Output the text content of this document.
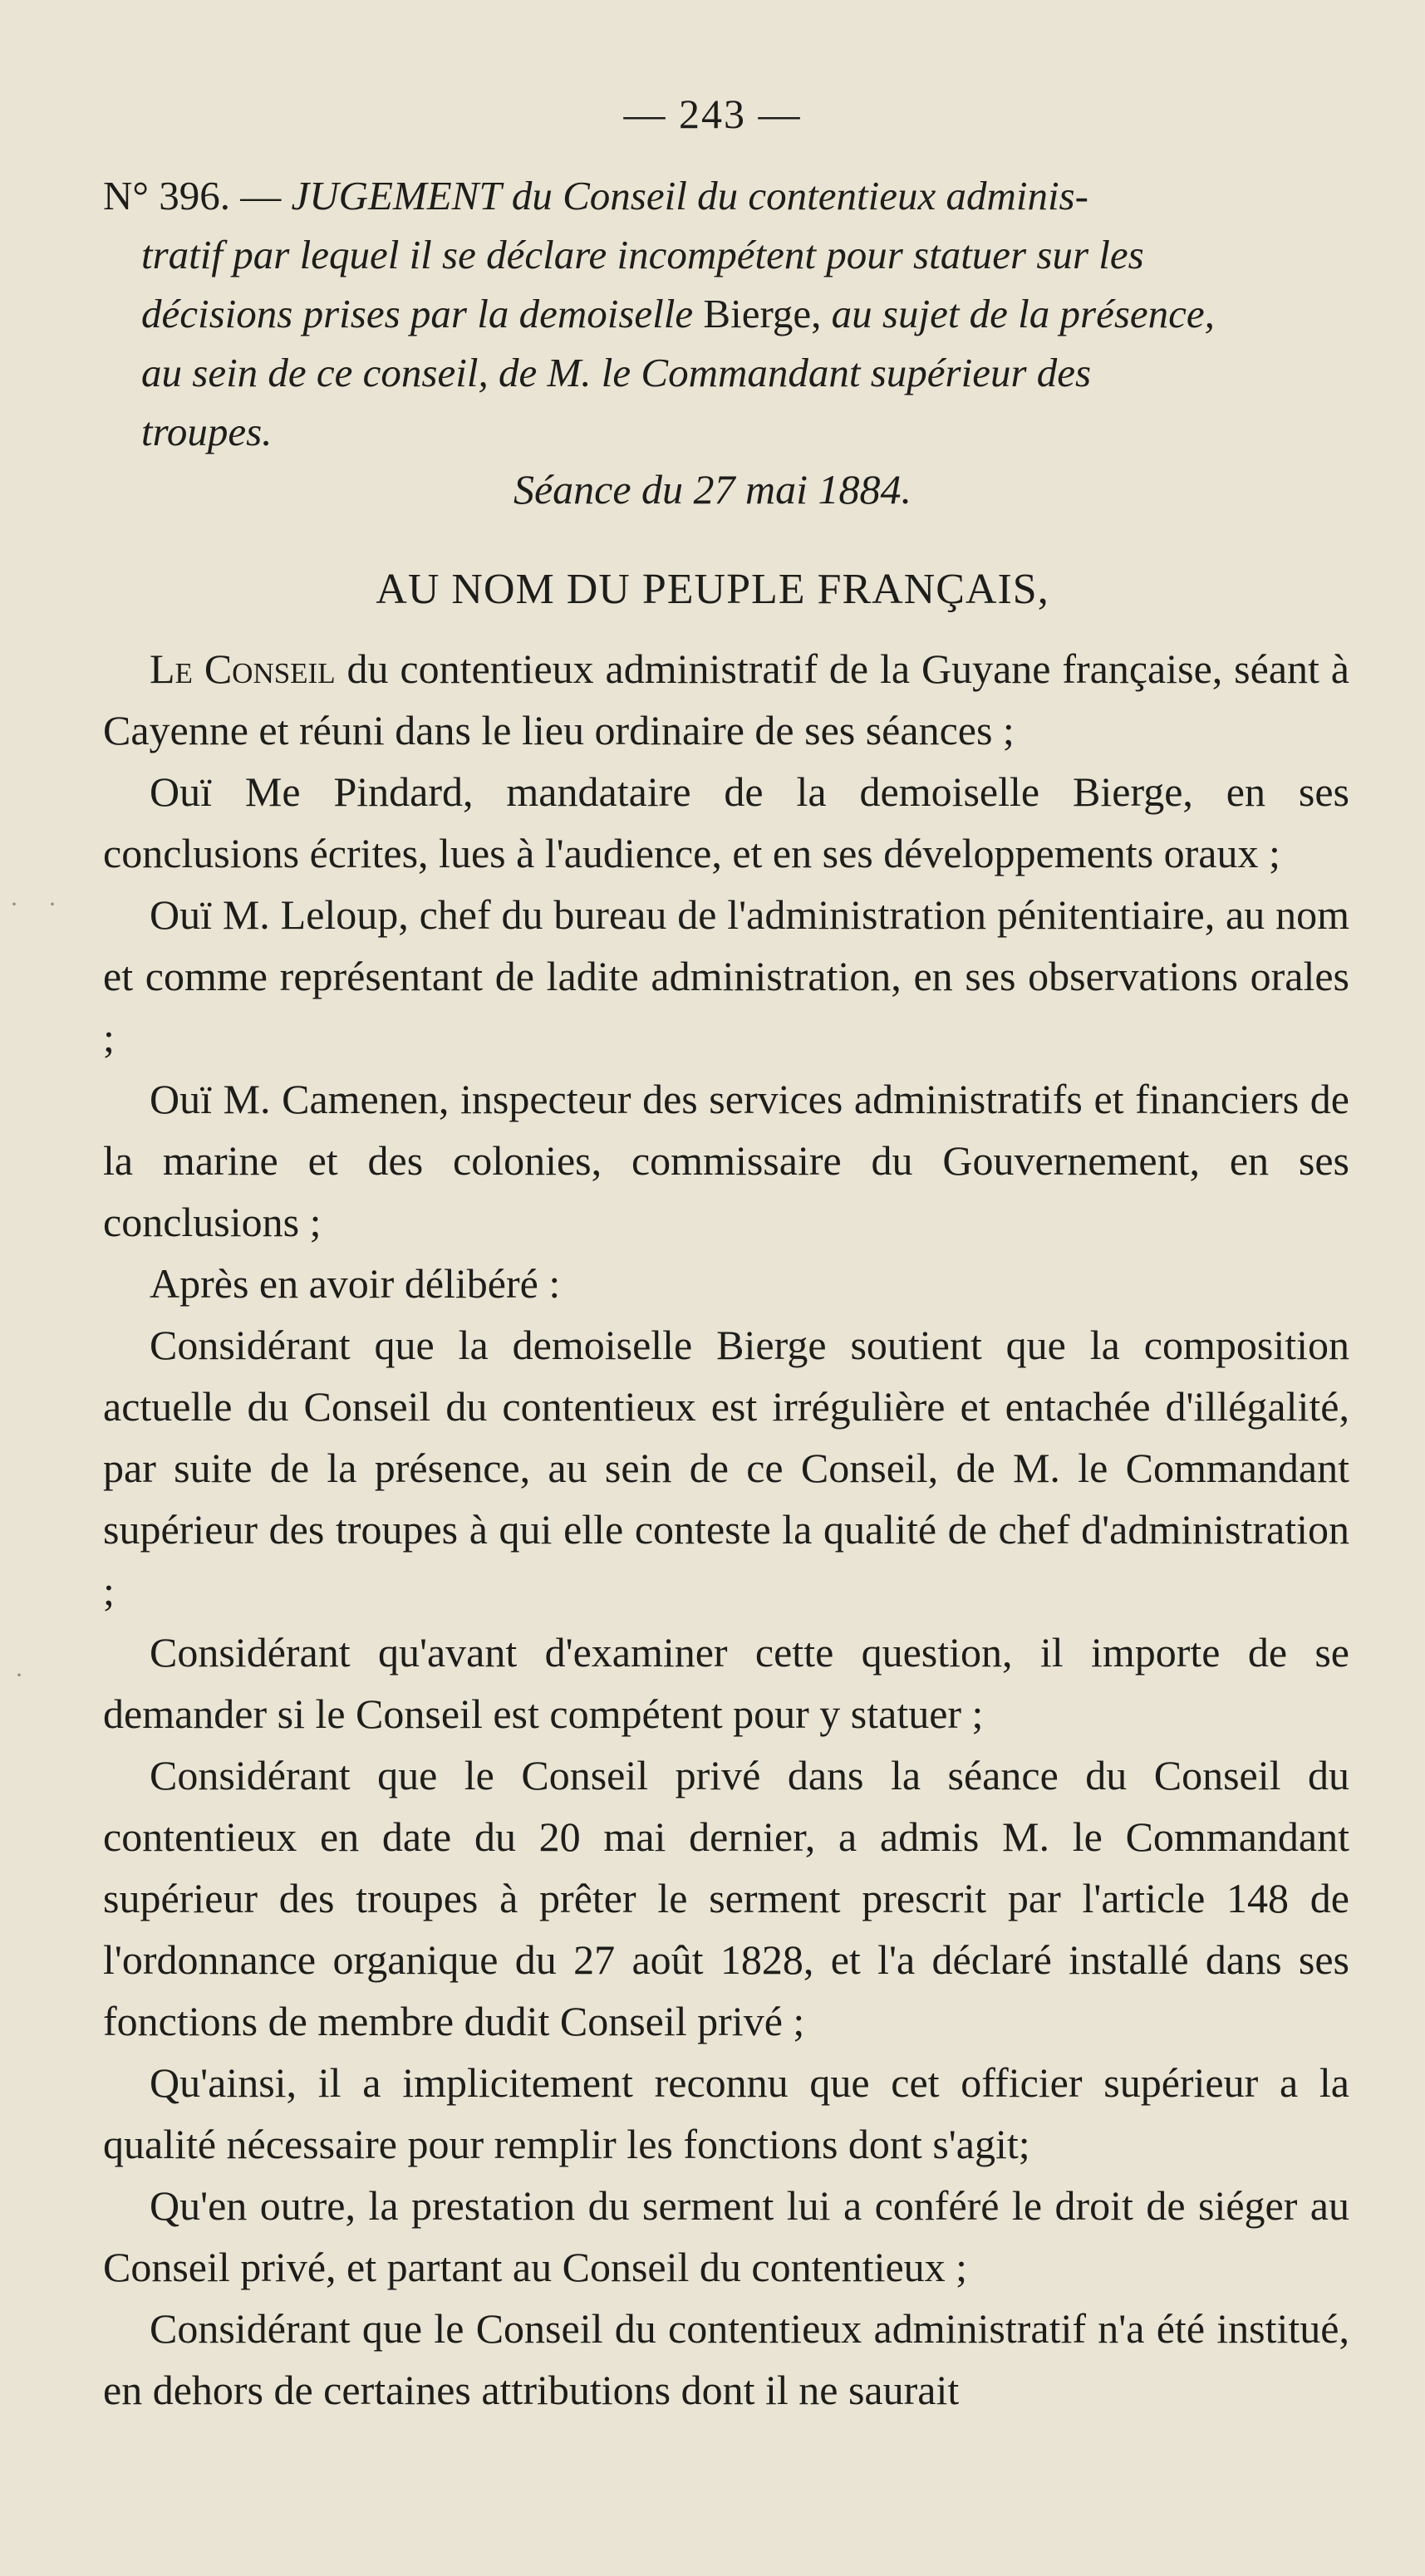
— 243 —
N° 396. — JUGEMENT du Conseil du contentieux adminis-
tratif par lequel il se déclare incompétent pour statuer sur les
décisions prises par la demoiselle Bierge, au sujet de la présence,
au sein de ce conseil, de M. le Commandant supérieur des
troupes.
Séance du 27 mai 1884.
AU NOM DU PEUPLE FRANÇAIS,

Le Conseil du contentieux administratif de la Guyane française, séant à Cayenne et réuni dans le lieu ordinaire de ses séances ;

Ouï Me Pindard, mandataire de la demoiselle Bierge, en ses conclusions écrites, lues à l'audience, et en ses développements oraux ;

Ouï M. Leloup, chef du bureau de l'administration pénitentiaire, au nom et comme représentant de ladite administration, en ses observations orales ;

Ouï M. Camenen, inspecteur des services administratifs et financiers de la marine et des colonies, commissaire du Gouvernement, en ses conclusions ;

Après en avoir délibéré :

Considérant que la demoiselle Bierge soutient que la composition actuelle du Conseil du contentieux est irrégulière et entachée d'illégalité, par suite de la présence, au sein de ce Conseil, de M. le Commandant supérieur des troupes à qui elle conteste la qualité de chef d'administration ;

Considérant qu'avant d'examiner cette question, il importe de se demander si le Conseil est compétent pour y statuer ;

Considérant que le Conseil privé dans la séance du Conseil du contentieux en date du 20 mai dernier, a admis M. le Commandant supérieur des troupes à prêter le serment prescrit par l'article 148 de l'ordonnance organique du 27 août 1828, et l'a déclaré installé dans ses fonctions de membre dudit Conseil privé ;

Qu'ainsi, il a implicitement reconnu que cet officier supérieur a la qualité nécessaire pour remplir les fonctions dont s'agit;

Qu'en outre, la prestation du serment lui a conféré le droit de siéger au Conseil privé, et partant au Conseil du contentieux ;

Considérant que le Conseil du contentieux administratif n'a été institué, en dehors de certaines attributions dont il ne saurait

· ·
·
